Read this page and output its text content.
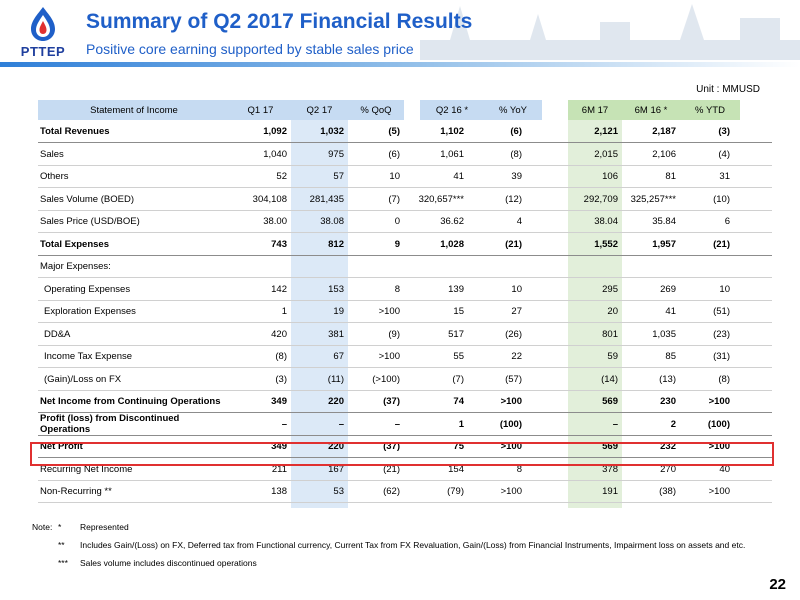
PTTEP
Summary of Q2 2017 Financial Results
Positive core earning supported by stable sales price
Unit : MMUSD
Statement of Income	Q1 17	Q2 17	% QoQ	Q2 16 *	% YoY	6M 17	6M 16 *	% YTD
Total Revenues	1,092	1,032	(5)	1,102	(6)	2,121	2,187	(3)
Sales	1,040	975	(6)	1,061	(8)	2,015	2,106	(4)
Others	52	57	10	41	39	106	81	31
Sales Volume (BOED)	304,108	281,435	(7)	320,657***	(12)	292,709	325,257***	(10)
Sales Price (USD/BOE)	38.00	38.08	0	36.62	4	38.04	35.84	6
Total Expenses	743	812	9	1,028	(21)	1,552	1,957	(21)
Major Expenses:
Operating Expenses	142	153	8	139	10	295	269	10
Exploration Expenses	1	19	>100	15	27	20	41	(51)
DD&A	420	381	(9)	517	(26)	801	1,035	(23)
Income Tax Expense	(8)	67	>100	55	22	59	85	(31)
(Gain)/Loss on FX	(3)	(11)	(>100)	(7)	(57)	(14)	(13)	(8)
Net Income from Continuing Operations	349	220	(37)	74	>100	569	230	>100
Profit (loss) from Discontinued Operations	–	–	–	1	(100)	–	2	(100)
Net Profit	349	220	(37)	75	>100	569	232	>100
Recurring Net Income	211	167	(21)	154	8	378	270	40
Non-Recurring **	138	53	(62)	(79)	>100	191	(38)	>100
Note: * Represented
** Includes Gain/(Loss) on FX, Deferred tax from Functional currency, Current Tax from FX Revaluation, Gain/(Loss) from Financial Instruments, Impairment loss on assets and etc.
*** Sales volume includes discontinued operations
22
